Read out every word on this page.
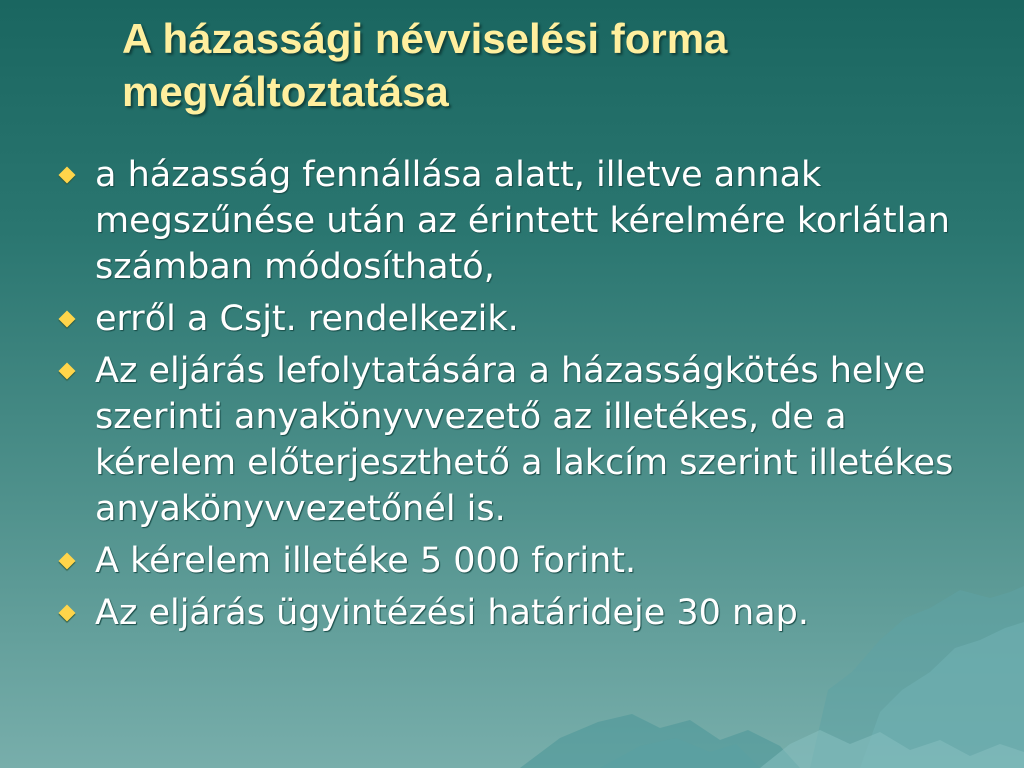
A házassági névviselési forma megváltoztatása
a házasság fennállása alatt, illetve annak megszűnése után az érintett kérelmére korlátlan számban módosítható,
erről a Csjt. rendelkezik.
Az eljárás lefolytatására a házasságkötés helye szerinti anyakönyvvezető az illetékes, de a kérelem előterjeszthető a lakcím szerint illetékes anyakönyvvezetőnél is.
A kérelem illetéke 5 000 forint.
Az eljárás ügyintézési határideje 30 nap.
